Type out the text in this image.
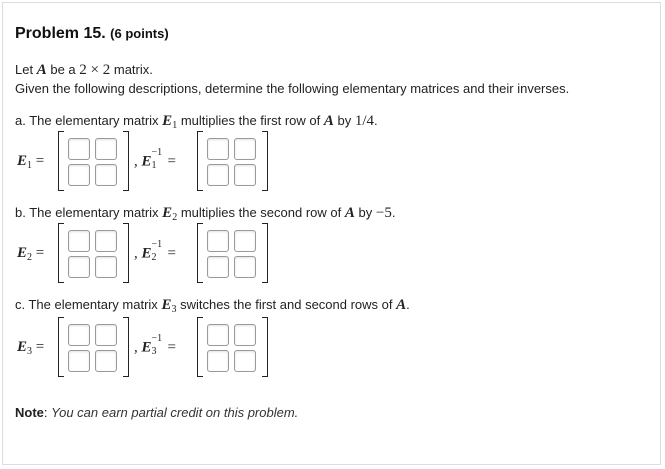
Problem 15. (6 points)
Let A be a 2 × 2 matrix.
Given the following descriptions, determine the following elementary matrices and their inverses.
a. The elementary matrix $E_1$ multiplies the first row of A by 1/4.
$E_1$ =	, E
−1
1 =
b. The elementary matrix $E_2$ multiplies the second row of A by −5.
$E_2$ =	, E
−1
2 =
c. The elementary matrix $E_3$ switches the first and second rows of A.
$E_3$ =	, E
−1
3 =
Note: You can earn partial credit on this problem.
